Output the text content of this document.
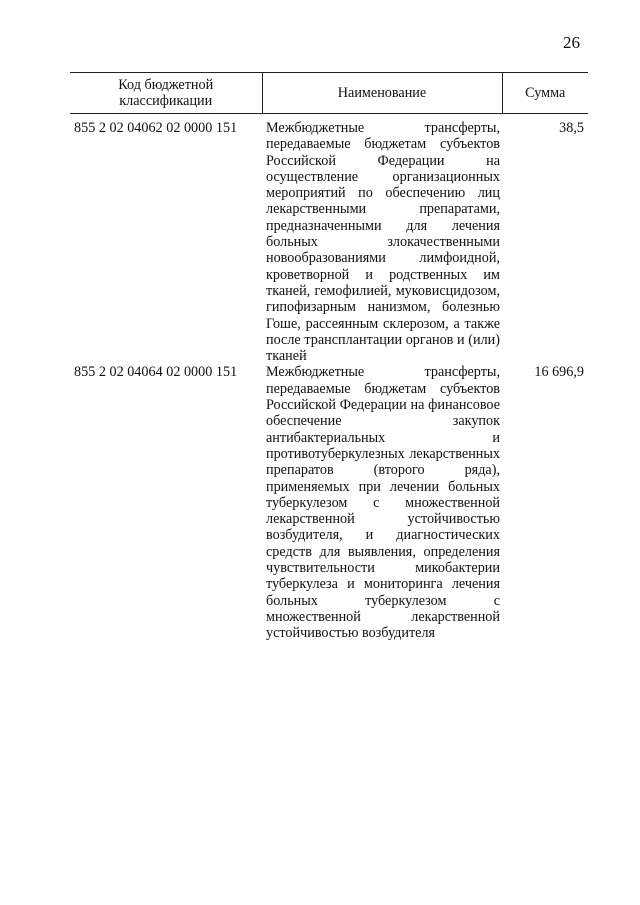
26
Код бюджетной классификации	Наименование	Сумма
855 2 02 04062 02 0000 151	Межбюджетные трансферты, передаваемые бюджетам субъектов Российской Федерации на осуществление организационных мероприятий по обеспечению лиц лекарственными препаратами, предназначенными для лечения больных злокачественными новообразованиями лимфоидной, кроветворной и родственных им тканей, гемофилией, муковисцидозом, гипофизарным нанизмом, болезнью Гоше, рассеянным склерозом, а также после трансплантации органов и (или) тканей	38,5
855 2 02 04064 02 0000 151	Межбюджетные трансферты, передаваемые бюджетам субъектов Российской Федерации на финансовое обеспечение закупок антибактериальных и противотуберкулезных лекарственных препаратов (второго ряда), применяемых при лечении больных туберкулезом с множественной лекарственной устойчивостью возбудителя, и диагностических средств для выявления, определения чувствительности микобактерии туберкулеза и мониторинга лечения больных туберкулезом с множественной лекарственной устойчивостью возбудителя	16 696,9
